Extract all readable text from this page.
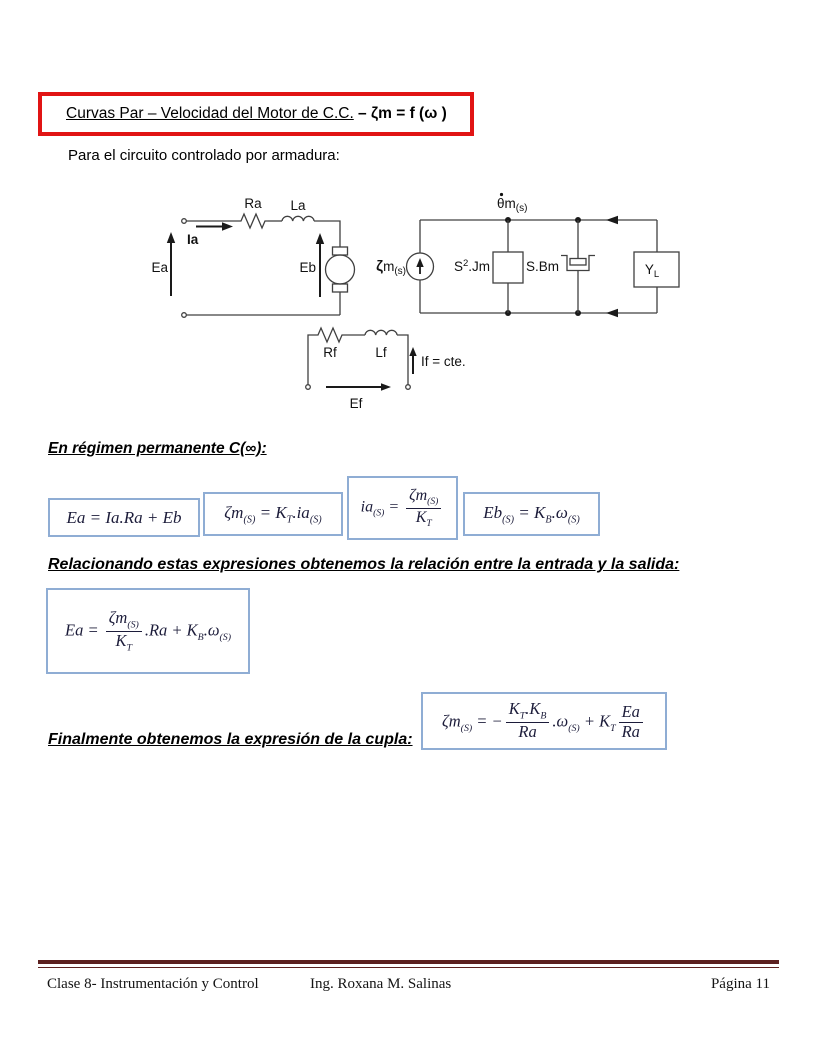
Curvas Par – Velocidad del Motor de C.C. – ζm = f (ω )
Para el circuito controlado por armadura:
Ea
Ia
Ra La
Eb
$\theta m_{(s)}$
$\zeta m_{(s)}$	$S^2.Jm$	S.Bm	$Y_L$
Rf	Lf
If = cte.
Ef
En régimen permanente C(∞):
Ea = Ia.Ra + Eb	$\zeta m_{(S)} = K_T.ia_{(S)}$
$ia_{(S)} = \frac{\zeta m_{(S)}}{K_T} Eb_{(S)} = K_B.\omega_{(S)}$
Relacionando estas expresiones obtenemos la relación entre la entrada y la salida:
$Ea = \frac{\zeta m_{(S)}}{K_T} .Ra + K_B.\omega_{(S)}$
Finalmente obtenemos la expresión de la cupla:
$\zeta m_{(S)}$ = − $\frac{K_T.K_B}{Ra} .\omega_{(S)} + K_T \frac{Ea}{Ra}$
Clase 8- Instrumentación y Control	Ing. Roxana M. Salinas	Página 11
